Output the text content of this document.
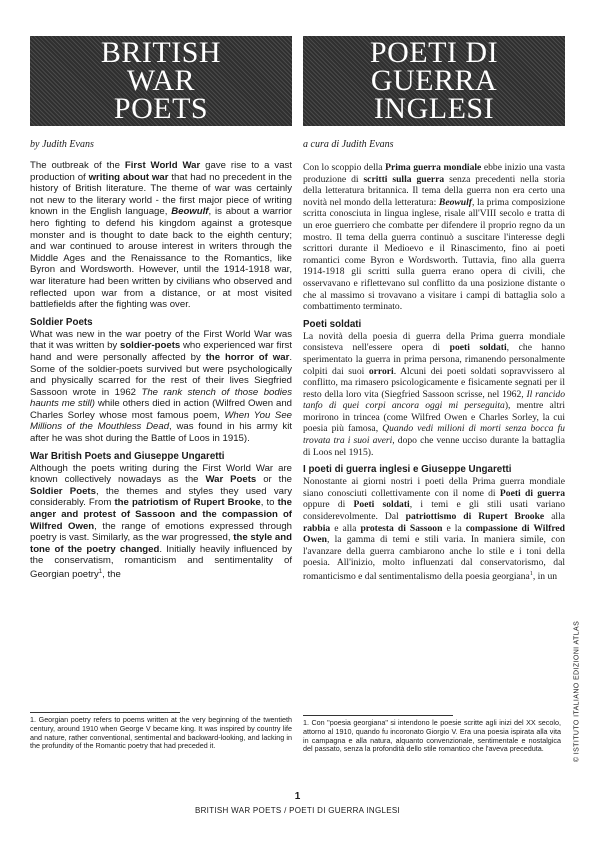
BRITISH WAR POETS
POETI DI GUERRA INGLESI
by Judith Evans	a cura di Judith Evans

The outbreak of the First World War gave rise to a vast production of writing about war that had no precedent in the history of British literature. The theme of war was certainly not new to the literary world - the first major piece of writing known in the English language, Beowulf, is about a warrior hero fighting to defend his kingdom against a grotesque monster and is thought to date back to the eighth century; and war continued to arouse interest in writers through the Middle Ages and the Renaissance to the Romantics, like Byron and Wordsworth. However, until the 1914-1918 war, war literature had been written by civilians who observed and reflected upon war from a distance, or at most visited battlefields after the fighting was over.

Soldier Poets

What was new in the war poetry of the First World War was that it was written by soldier-poets who experienced war first hand and were personally affected by the horror of war. Some of the soldier-poets survived but were psychologically and physically scarred for the rest of their lives Siegfried Sassoon wrote in 1962 The rank stench of those bodies haunts me still) while others died in action (Wilfred Owen and Charles Sorley whose most famous poem, When You See Millions of the Mouthless Dead, was found in his army kit after he was shot during the Battle of Loos in 1915).

War British Poets and Giuseppe Ungaretti

Although the poets writing during the First World War are known collectively nowadays as the War Poets or the Soldier Poets, the themes and styles they used vary considerably. From the patriotism of Rupert Brooke, to the anger and protest of Sassoon and the compassion of Wilfred Owen, the range of emotions expressed through poetry is vast. Similarly, as the war progressed, the style and tone of the poetry changed. Initially heavily influenced by the conservatism, romanticism and sentimentality of Georgian poetry$^1$, the

Con lo scoppio della Prima guerra mondiale ebbe inizio una vasta produzione di scritti sulla guerra senza precedenti nella storia della letteratura britannica. Il tema della guerra non era certo una novità nel mondo della letteratura: Beowulf, la prima composizione scritta conosciuta in lingua inglese, risale all'VIII secolo e tratta di un eroe guerriero che combatte per difendere il proprio regno da un mostro. Il tema della guerra continuò a suscitare l'interesse degli scrittori durante il Medioevo e il Rinascimento, fino ai poeti romantici come Byron e Wordsworth. Tuttavia, fino alla guerra 1914-1918 gli scritti sulla guerra erano opera di civili, che osservavano e riflettevano sul conflitto da una posizione distante o che al massimo si trovavano a visitare i campi di battaglia solo a combattimento terminato.

Poeti soldati

La novità della poesia di guerra della Prima guerra mondiale consisteva nell'essere opera di poeti soldati, che hanno sperimentato la guerra in prima persona, rimanendo personalmente colpiti dai suoi orrori. Alcuni dei poeti soldati sopravvissero al conflitto, ma rimasero psicologicamente e fisicamente segnati per il resto della loro vita (Siegfried Sassoon scrisse, nel 1962, Il rancido tanfo di quei corpi ancora oggi mi perseguita), mentre altri morirono in trincea (come Wilfred Owen e Charles Sorley, la cui poesia più famosa, Quando vedi milioni di morti senza bocca fu trovata tra i suoi averi, dopo che venne ucciso durante la battaglia di Loos nel 1915).

I poeti di guerra inglesi e Giuseppe Ungaretti

Nonostante ai giorni nostri i poeti della Prima guerra mondiale siano conosciuti collettivamente con il nome di Poeti di guerra oppure di Poeti soldati, i temi e gli stili usati variano considerevolmente. Dal patriottismo di Rupert Brooke alla rabbia e alla protesta di Sassoon e la compassione di Wilfred Owen, la gamma di temi e stili varia. In maniera simile, con l'avanzare della guerra cambiarono anche lo stile e i toni della poesia. All'inizio, molto influenzati dal conservatorismo, dal romanticismo e dal sentimentalismo della poesia georgiana$^1$, in un

1. Georgian poetry refers to poems written at the very beginning of the twentieth century, around 1910 when George V became king. It was inspired by country life and nature, rather conventional, sentimental and backward-looking, and lacking in the profundity of the Romantic poetry that had preceded it.
1. Con "poesia georgiana" si intendono le poesie scritte agli inizi del XX secolo, attorno al 1910, quando fu incoronato Giorgio V. Era una poesia ispirata alla vita in campagna e alla natura, alquanto convenzionale, sentimentale e nostalgica del passato, senza la profondità dello stile romantico che l'aveva preceduta.
1
BRITISH WAR POETS / POETI DI GUERRA INGLESI
© ISTITUTO ITALIANO EDIZIONI ATLAS
